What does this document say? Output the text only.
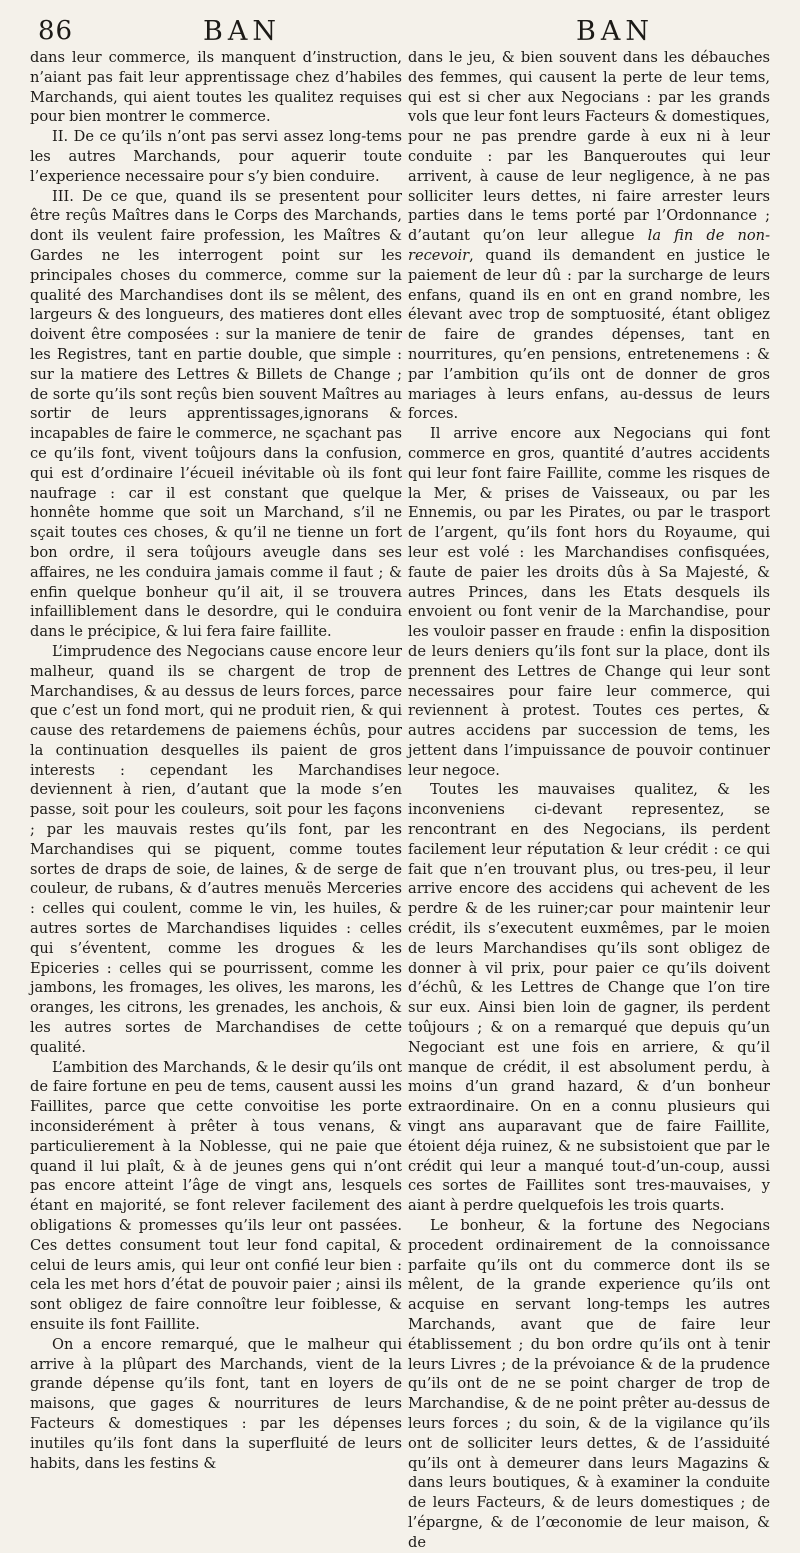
86	BAN	BAN

dans leur commerce, ils manquent d’instruction, n’aiant pas fait leur apprentissage chez d’habiles Marchands, qui aient toutes les qualitez requises pour bien montrer le commerce.

II. De ce qu’ils n’ont pas servi assez long-tems les autres Marchands, pour aquerir toute l’experience necessaire pour s’y bien conduire.

III. De ce que, quand ils se presentent pour être reçûs Maîtres dans le Corps des Marchands, dont ils veulent faire profession, les Maîtres & Gardes ne les interrogent point sur les principales choses du commerce, comme sur la qualité des Marchandises dont ils se mêlent, des largeurs & des longueurs, des matieres dont elles doivent être composées : sur la maniere de tenir les Registres, tant en partie double, que simple : sur la matiere des Lettres & Billets de Change ; de sorte qu’ils sont reçûs bien souvent Maîtres au sortir de leurs apprentissages,ignorans & incapables de faire le commerce, ne sçachant pas ce qu’ils font, vivent toûjours dans la confusion, qui est d’ordinaire l’écueil inévitable où ils font naufrage : car il est constant que quelque honnête homme que soit un Marchand, s’il ne sçait toutes ces choses, & qu’il ne tienne un fort bon ordre, il sera toûjours aveugle dans ses affaires, ne les conduira jamais comme il faut ; & enfin quelque bonheur qu’il ait, il se trouvera infailliblement dans le desordre, qui le conduira dans le précipice, & lui fera faire faillite.

L’imprudence des Negocians cause encore leur malheur, quand ils se chargent de trop de Marchandises, & au dessus de leurs forces, parce que c’est un fond mort, qui ne produit rien, & qui cause des retardemens de paiemens échûs, pour la continuation desquelles ils paient de gros interests : cependant les Marchandises deviennent à rien, d’autant que la mode s’en passe, soit pour les couleurs, soit pour les façons ; par les mauvais restes qu’ils font, par les Marchandises qui se piquent, comme toutes sortes de draps de soie, de laines, & de serge de couleur, de rubans, & d’autres menuës Merceries : celles qui coulent, comme le vin, les huiles, & autres sortes de Marchandises liquides : celles qui s’éventent, comme les drogues & les Epiceries : celles qui se pourrissent, comme les jambons, les fromages, les olives, les marons, les oranges, les citrons, les grenades, les anchois, & les autres sortes de Marchandises de cette qualité.

L’ambition des Marchands, & le desir qu’ils ont de faire fortune en peu de tems, causent aussi les Faillites, parce que cette convoitise les porte inconsiderément à prêter à tous venans, & particulierement à la Noblesse, qui ne paie que quand il lui plaît, & à de jeunes gens qui n’ont pas encore atteint l’âge de vingt ans, lesquels étant en majorité, se font relever facilement des obligations & promesses qu’ils leur ont passées. Ces dettes consument tout leur fond capital, & celui de leurs amis, qui leur ont confié leur bien : cela les met hors d’état de pouvoir paier ; ainsi ils sont obligez de faire connoître leur foiblesse, & ensuite ils font Faillite.

On a encore remarqué, que le malheur qui arrive à la plûpart des Marchands, vient de la grande dépense qu’ils font, tant en loyers de maisons, que gages & nourritures de leurs Facteurs & domestiques : par les dépenses inutiles qu’ils font dans la superfluité de leurs habits, dans les festins &

dans le jeu, & bien souvent dans les débauches des femmes, qui causent la perte de leur tems, qui est si cher aux Negocians : par les grands vols que leur font leurs Facteurs & domestiques, pour ne pas prendre garde à eux ni à leur conduite : par les Banqueroutes qui leur arrivent, à cause de leur negligence, à ne pas solliciter leurs dettes, ni faire arrester leurs parties dans le tems porté par l’Ordonnance ; d’autant qu’on leur allegue la fin de non-recevoir, quand ils demandent en justice le paiement de leur dû : par la surcharge de leurs enfans, quand ils en ont en grand nombre, les élevant avec trop de somptuosité, étant obligez de faire de grandes dépenses, tant en nourritures, qu’en pensions, entretenemens : & par l’ambition qu’ils ont de donner de gros mariages à leurs enfans, au-dessus de leurs forces.

Il arrive encore aux Negocians qui font commerce en gros, quantité d’autres accidents qui leur font faire Faillite, comme les risques de la Mer, & prises de Vaisseaux, ou par les Ennemis, ou par les Pirates, ou par le trasport de l’argent, qu’ils font hors du Royaume, qui leur est volé : les Marchandises confisquées, faute de paier les droits dûs à Sa Majesté, & autres Princes, dans les Etats desquels ils envoient ou font venir de la Marchandise, pour les vouloir passer en fraude : enfin la disposition de leurs deniers qu’ils font sur la place, dont ils prennent des Lettres de Change qui leur sont necessaires pour faire leur commerce, qui reviennent à protest. Toutes ces pertes, & autres accidens par succession de tems, les jettent dans l’impuissance de pouvoir continuer leur negoce.

Toutes les mauvaises qualitez, & les inconveniens ci-devant representez, se rencontrant en des Negocians, ils perdent facilement leur réputation & leur crédit : ce qui fait que n’en trouvant plus, ou tres-peu, il leur arrive encore des accidens qui achevent de les perdre & de les ruiner;car pour maintenir leur crédit, ils s’executent euxmêmes, par le moien de leurs Marchandises qu’ils sont obligez de donner à vil prix, pour paier ce qu’ils doivent d’échû, & les Lettres de Change que l’on tire sur eux. Ainsi bien loin de gagner, ils perdent toûjours ; & on a remarqué que depuis qu’un Negociant est une fois en arriere, & qu’il manque de crédit, il est absolument perdu, à moins d’un grand hazard, & d’un bonheur extraordinaire. On en a connu plusieurs qui vingt ans auparavant que de faire Faillite, étoient déja ruinez, & ne subsistoient que par le crédit qui leur a manqué tout-d’un-coup, aussi ces sortes de Faillites sont tres-mauvaises, y aiant à perdre quelquefois les trois quarts.

Le bonheur, & la fortune des Negocians procedent ordinairement de la connoissance parfaite qu’ils ont du commerce dont ils se mêlent, de la grande experience qu’ils ont acquise en servant long-temps les autres Marchands, avant que de faire leur établissement ; du bon ordre qu’ils ont à tenir leurs Livres ; de la prévoiance & de la prudence qu’ils ont de ne se point charger de trop de Marchandise, & de ne point prêter au-dessus de leurs forces ; du soin, & de la vigilance qu’ils ont de solliciter leurs dettes, & de l’assiduité qu’ils ont à demeurer dans leurs Magazins & dans leurs boutiques, & à examiner la conduite de leurs Facteurs, & de leurs domestiques ; de l’épargne, & de l’œconomie de leur maison, & de
